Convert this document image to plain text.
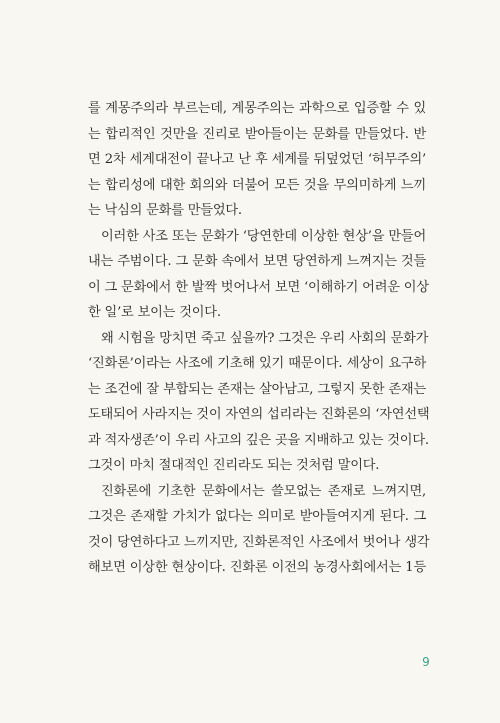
를 계몽주의라 부르는데, 계몽주의는 과학으로 입증할 수 있
는 합리적인 것만을 진리로 받아들이는 문화를 만들었다. 반
면 2차 세계대전이 끝나고 난 후 세계를 뒤덮었던 ‘허무주의’
는 합리성에 대한 회의와 더불어 모든 것을 무의미하게 느끼
는 낙심의 문화를 만들었다.
이러한 사조 또는 문화가 ‘당연한데 이상한 현상’을 만들어
내는 주범이다. 그 문화 속에서 보면 당연하게 느껴지는 것들
이 그 문화에서 한 발짝 벗어나서 보면 ‘이해하기 어려운 이상
한 일’로 보이는 것이다.
왜 시험을 망치면 죽고 싶을까? 그것은 우리 사회의 문화가
‘진화론’이라는 사조에 기초해 있기 때문이다. 세상이 요구하
는 조건에 잘 부합되는 존재는 살아남고, 그렇지 못한 존재는
도태되어 사라지는 것이 자연의 섭리라는 진화론의 ‘자연선택
과 적자생존’이 우리 사고의 깊은 곳을 지배하고 있는 것이다.
그것이 마치 절대적인 진리라도 되는 것처럼 말이다.
진화론에 기초한 문화에서는 쓸모없는 존재로 느껴지면,
그것은 존재할 가치가 없다는 의미로 받아들여지게 된다. 그
것이 당연하다고 느끼지만, 진화론적인 사조에서 벗어나 생각
해보면 이상한 현상이다. 진화론 이전의 농경사회에서는 1등
9
